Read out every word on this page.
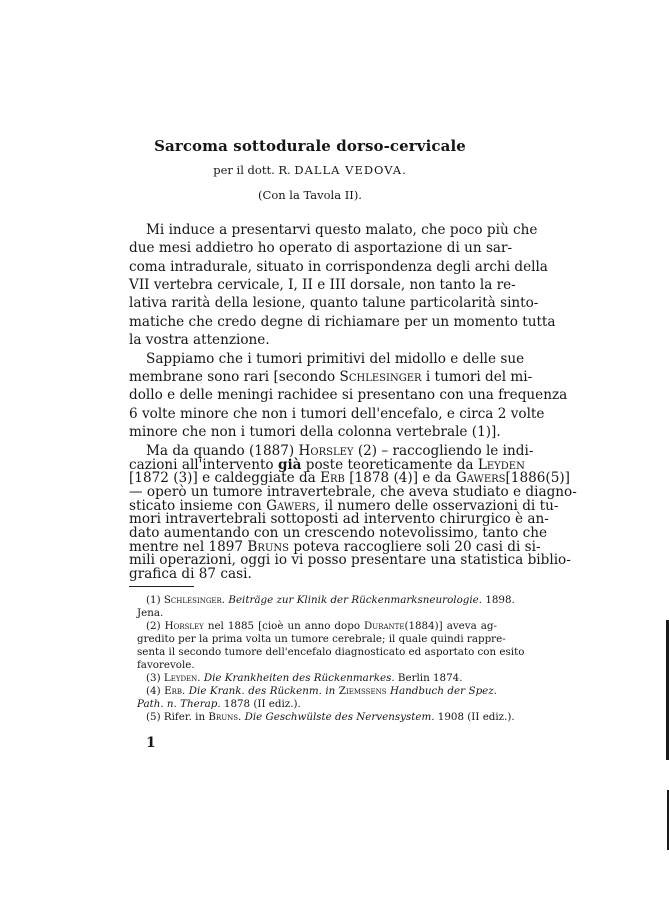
Sarcoma sottodurale dorso-cervicale
per il dott. R. DALLA VEDOVA.
(Con la Tavola II).
Mi induce a presentarvi questo malato, che poco più che
due mesi addietro ho operato di asportazione di un sar-
coma intradurale, situato in corrispondenza degli archi della
VII vertebra cervicale, I, II e III dorsale, non tanto la re-
lativa rarità della lesione, quanto talune particolarità sinto-
matiche che credo degne di richiamare per un momento tutta
la vostra attenzione.
Sappiamo che i tumori primitivi del midollo e delle sue
membrane sono rari [secondo Schlesinger i tumori del mi-
dollo e delle meningi rachidee si presentano con una frequenza
6 volte minore che non i tumori dell'encefalo, e circa 2 volte
minore che non i tumori della colonna vertebrale (1)].
Ma da quando (1887) Horsley (2) – raccogliendo le indi-
cazioni all'intervento già poste teoreticamente da Leyden
[1872 (3)] e caldeggiate da Erb [1878 (4)] e da Gawers[1886(5)]
— operò un tumore intravertebrale, che aveva studiato e diagno-
sticato insieme con Gawers, il numero delle osservazioni di tu-
mori intravertebrali sottoposti ad intervento chirurgico è an-
dato aumentando con un crescendo notevolissimo, tanto che
(1) Schlesinger. Beiträge zur Klinik der Rückenmarksneurologie. 1898.
Jena.
(2) Horsley nel 1885 [cioè un anno dopo Durante(1884)] aveva ag-
gredito per la prima volta un tumore cerebrale; il quale quindi rappre-
senta il secondo tumore dell'encefalo diagnosticato ed asportato con esito
favorevole.
(3) Leyden. Die Krankheiten des Rückenmarkes. Berlin 1874.
(4) Erb. Die Krank. des Rückenm. in Ziemssens Handbuch der Spez.
Path. n. Therap. 1878 (II ediz.).
(5) Rifer. in Bruns. Die Geschwülste des Nervensystem. 1908 (II ediz.).
1
mentre nel 1897 Bruns poteva raccogliere soli 20 casi di si-
mili operazioni, oggi io vi posso presentare una statistica biblio-
grafica di 87 casi.
